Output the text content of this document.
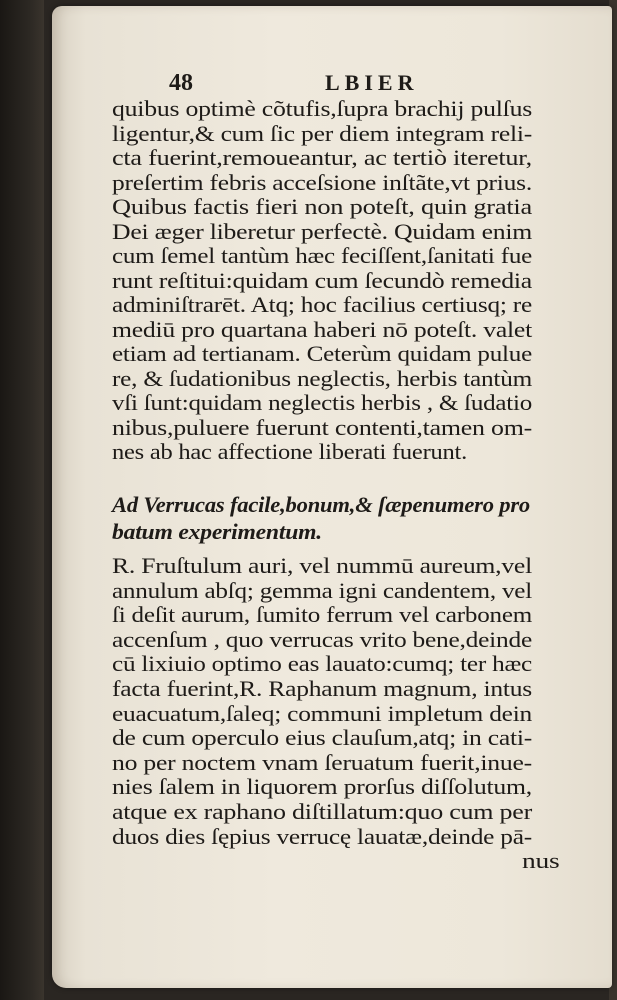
48	LBIER
quibus optimè cõtufis,ſupra brachij pulſus
ligentur,& cum ſic per diem integram reli-
cta fuerint,remoueantur, ac tertiò iteretur,
preſertim febris acceſsione inſtãte,vt prius.
Quibus factis fieri non poteſt, quin gratia
Dei æger liberetur perfectè. Quidam enim
cum ſemel tantùm hæc feciſſent,ſanitati fue
runt reſtitui:quidam cum ſecundò remedia
adminiſtrarēt. Atq; hoc facilius certiusq; re
mediū pro quartana haberi nō poteſt. valet
etiam ad tertianam. Ceterùm quidam pulue
re, & ſudationibus neglectis, herbis tantùm
vſi ſunt:quidam neglectis herbis , & ſudatio
nibus,puluere fuerunt contenti,tamen om-
nes ab hac affectione liberati fuerunt.
Ad Verrucas facile,bonum,& ſæpenumero pro
batum experimentum.
R. Fruſtulum auri, vel nummū aureum,vel
annulum abſq; gemma igni candentem, vel
ſi deſit aurum, ſumito ferrum vel carbonem
accenſum , quo verrucas vrito bene,deinde
cū lixiuio optimo eas lauato:cumq; ter hæc
facta fuerint,R. Raphanum magnum, intus
euacuatum,ſaleq; communi impletum dein
de cum operculo eius clauſum,atq; in cati-
no per noctem vnam ſeruatum fuerit,inue-
nies ſalem in liquorem prorſus diſſolutum,
atque ex raphano diſtillatum:quo cum per
duos dies ſępius verrucę lauatæ,deinde pā-
nus
